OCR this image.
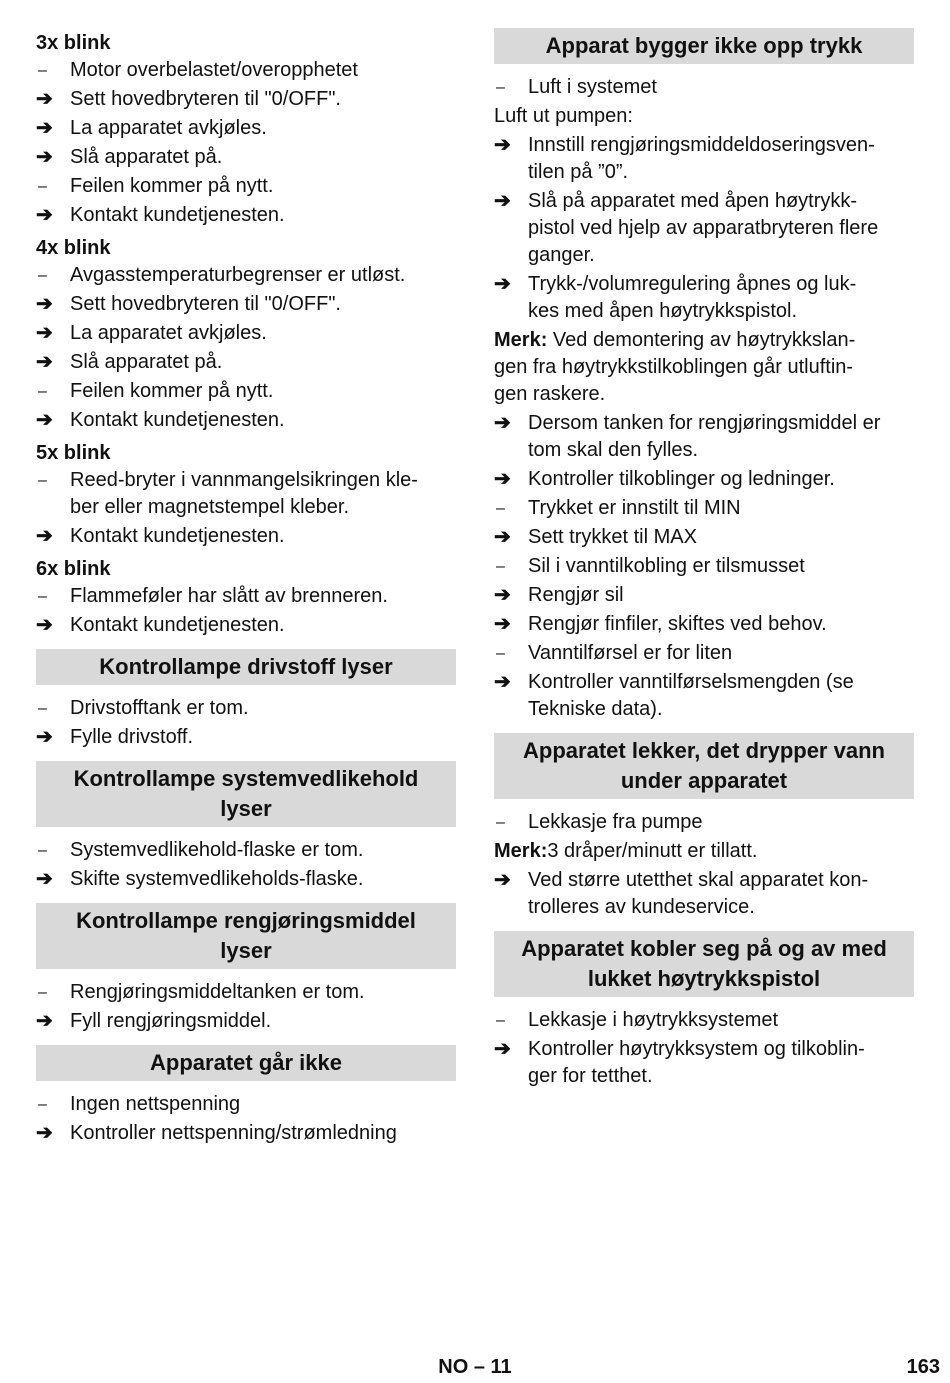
3x blink
–	Motor overbelastet/overopphetet
➔ Sett hovedbryteren til "0/OFF".
➔ La apparatet avkjøles.
➔ Slå apparatet på.
–	Feilen kommer på nytt.
➔ Kontakt kundetjenesten.
4x blink
–	Avgasstemperaturbegrenser er utløst.
➔ Sett hovedbryteren til "0/OFF".
➔ La apparatet avkjøles.
➔ Slå apparatet på.
–	Feilen kommer på nytt.
➔ Kontakt kundetjenesten.
5x blink
–	Reed-bryter i vannmangelsikringen kle-
ber eller magnetstempel kleber.
➔ Kontakt kundetjenesten.
6x blink
–	Flammeføler har slått av brenneren.
➔ Kontakt kundetjenesten.
Kontrollampe drivstoff lyser
–	Drivstofftank er tom.
➔ Fylle drivstoff.
Kontrollampe systemvedlikehold
lyser
–	Systemvedlikehold-flaske er tom.
➔ Skifte systemvedlikeholds-flaske.
Kontrollampe rengjøringsmiddel
lyser
–	Rengjøringsmiddeltanken er tom.
➔ Fyll rengjøringsmiddel.
Apparatet går ikke
–	Ingen nettspenning
➔ Kontroller nettspenning/strømledning
Apparat bygger ikke opp trykk
–	Luft i systemet
Luft ut pumpen:
➔ Innstill rengjøringsmiddeldoseringsven-
tilen på ”0”.
➔ Slå på apparatet med åpen høytrykk-
pistol ved hjelp av apparatbryteren flere
ganger.
➔ Trykk-/volumregulering åpnes og luk-
kes med åpen høytrykkspistol.
Merk: Ved demontering av høytrykkslan-
gen fra høytrykkstilkoblingen går utluftin-
gen raskere.
➔ Dersom tanken for rengjøringsmiddel er
tom skal den fylles.
➔ Kontroller tilkoblinger og ledninger.
–	Trykket er innstilt til MIN
➔ Sett trykket til MAX
–	Sil i vanntilkobling er tilsmusset
➔ Rengjør sil
➔ Rengjør finfiler, skiftes ved behov.
–	Vanntilførsel er for liten
➔ Kontroller vanntilførselsmengden (se
Tekniske data).
Apparatet lekker, det drypper vann
under apparatet
–	Lekkasje fra pumpe
Merk:3 dråper/minutt er tillatt.
➔ Ved større utetthet skal apparatet kon-
trolleres av kundeservice.
Apparatet kobler seg på og av med
lukket høytrykkspistol
–	Lekkasje i høytrykksystemet
➔ Kontroller høytrykksystem og tilkoblin-
ger for tetthet.
NO – 11	163
